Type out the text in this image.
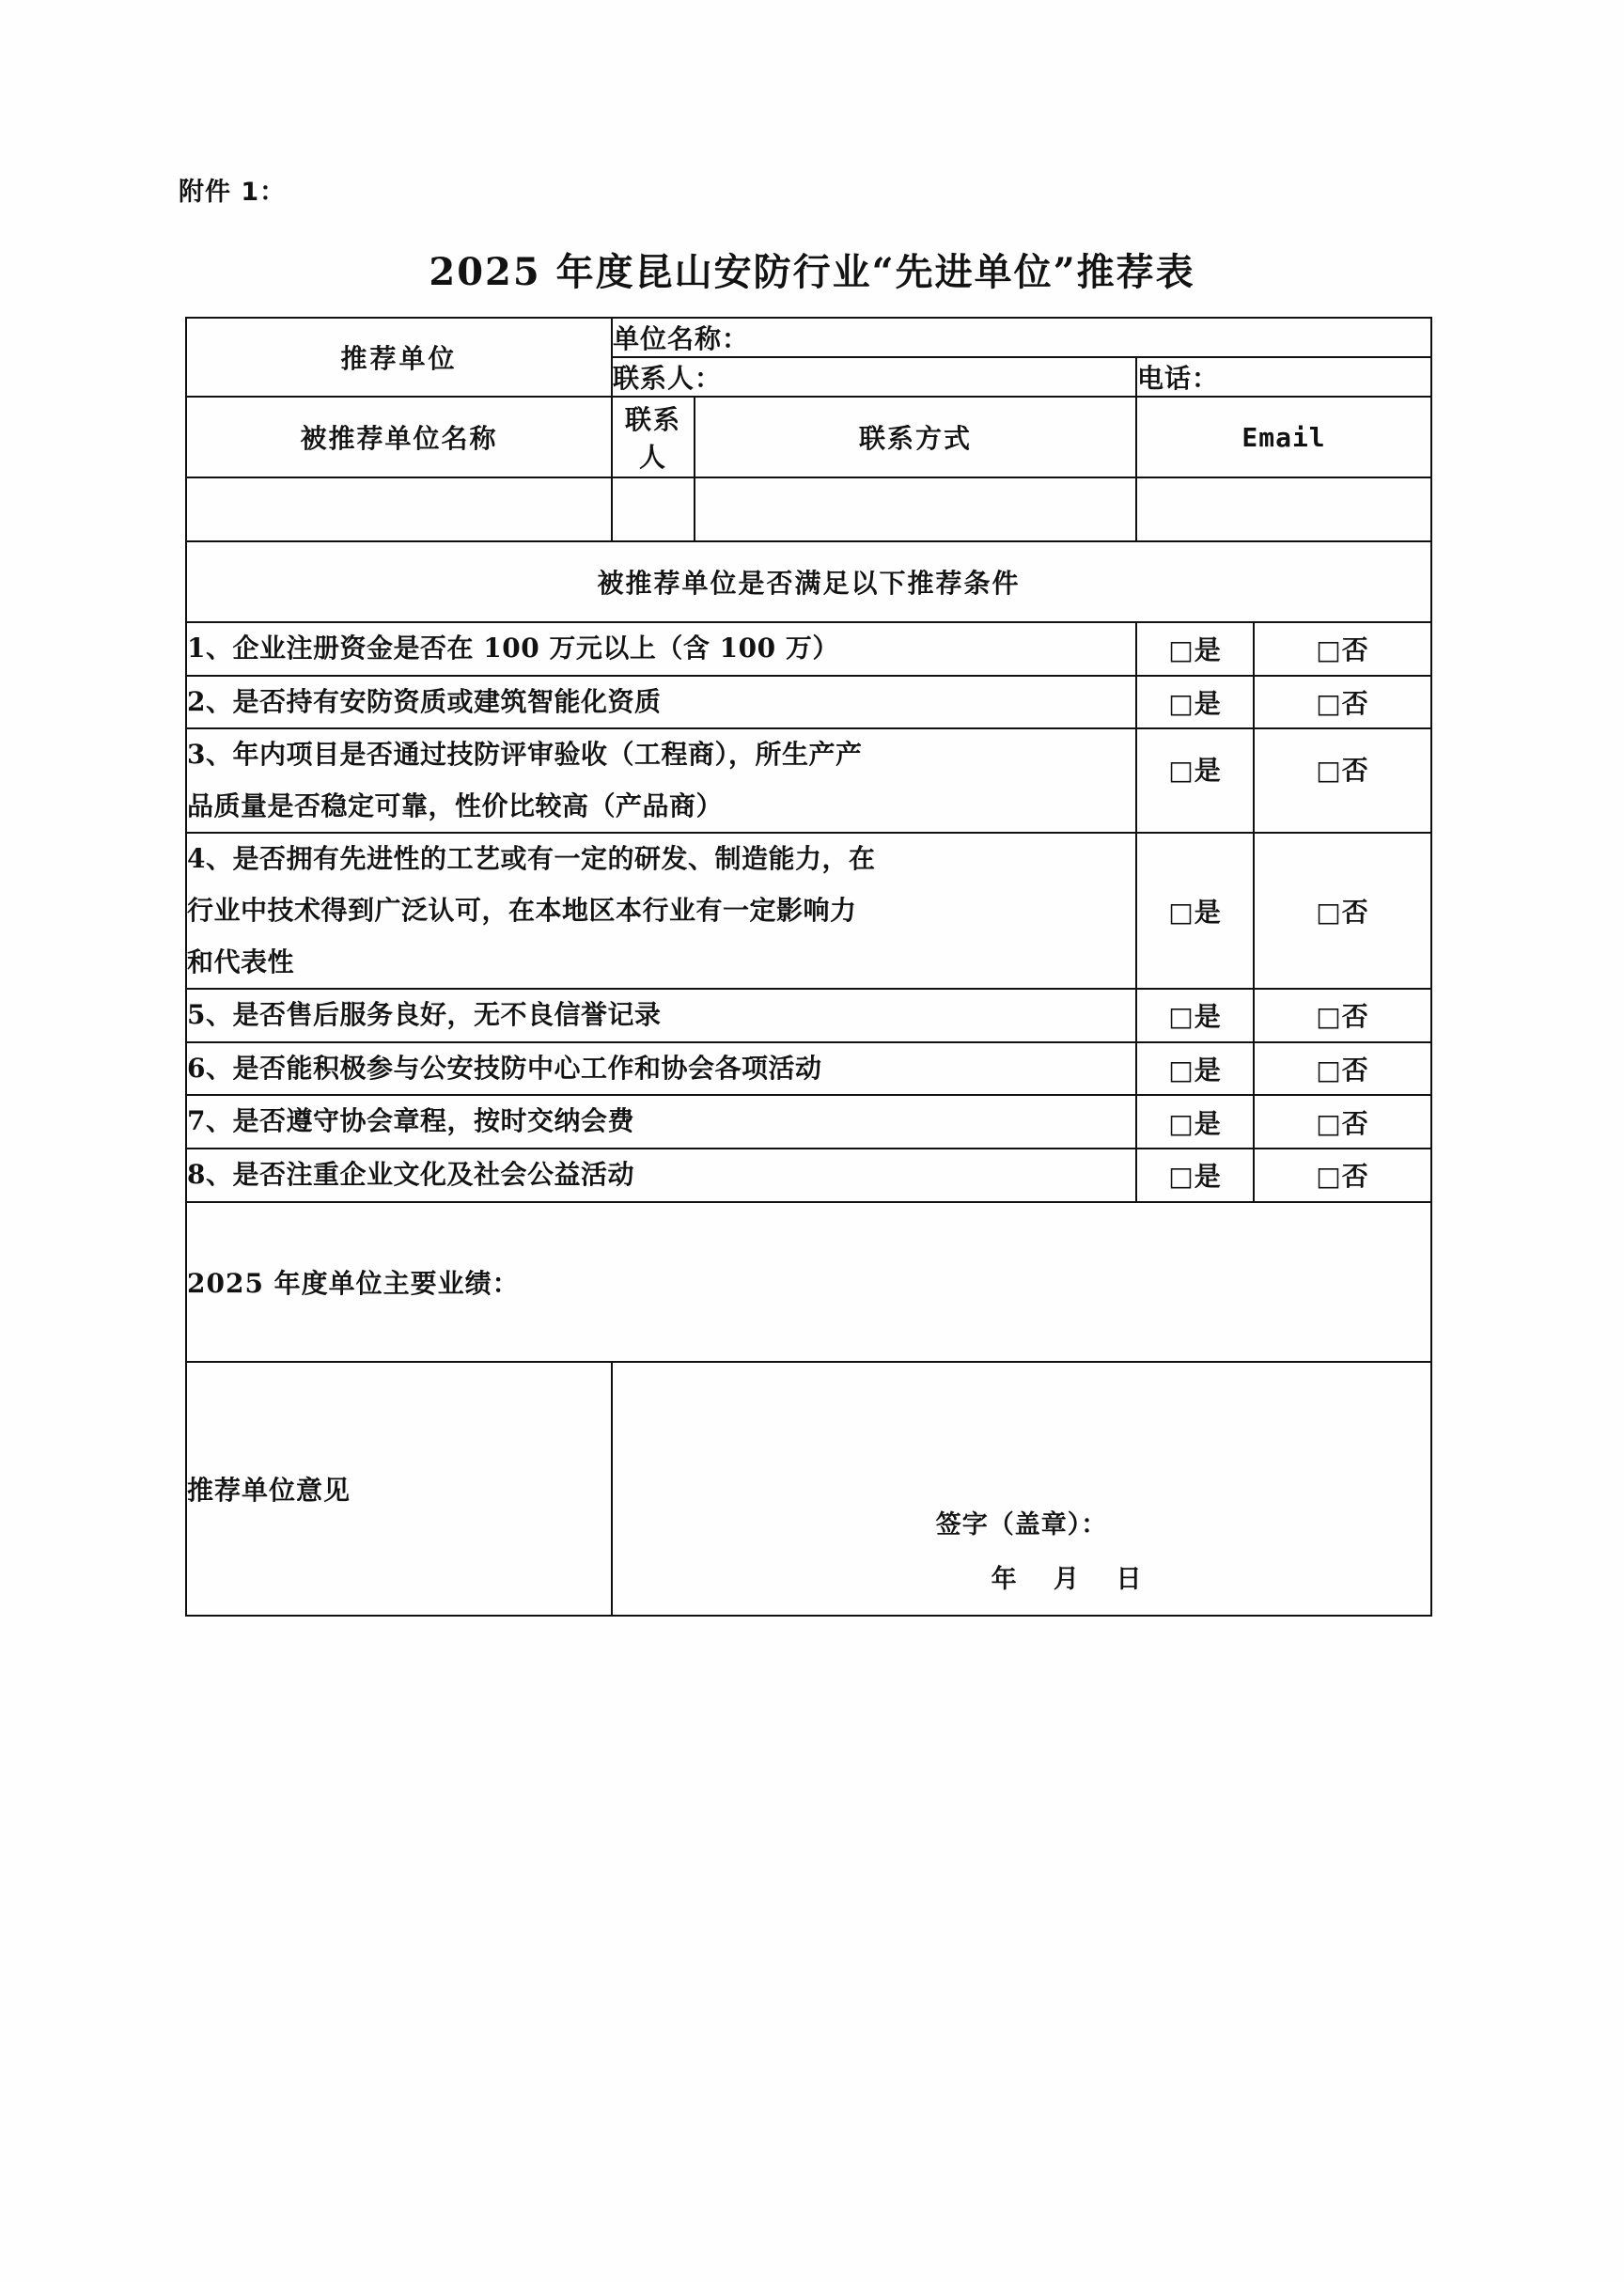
附件 1：
2025 年度昆山安防行业“先进单位”推荐表
推荐单位	单位名称：			
	联系人：		电话：	
被推荐单位名称	联系人	联系方式	Email	

被推荐单位是否满足以下推荐条件				

1、企业注册资金是否在 100 万元以上（含 100 万）			□是	□否

2、是否持有安防资质或建筑智能化资质			□是	□否

3、年内项目是否通过技防评审验收（工程商），所生产产
品质量是否稳定可靠，性价比较高（产品商）			□是	□否

4、是否拥有先进性的工艺或有一定的研发、制造能力，在
行业中技术得到广泛认可，在本地区本行业有一定影响力
和代表性			□是	□否

5、是否售后服务良好，无不良信誉记录			□是	□否

6、是否能积极参与公安技防中心工作和协会各项活动			□是	□否

7、是否遵守协会章程，按时交纳会费			□是	□否

8、是否注重企业文化及社会公益活动			□是	□否
2025 年度单位主要业绩：				
推荐单位意见	签字（盖章）：
年 月 日			
